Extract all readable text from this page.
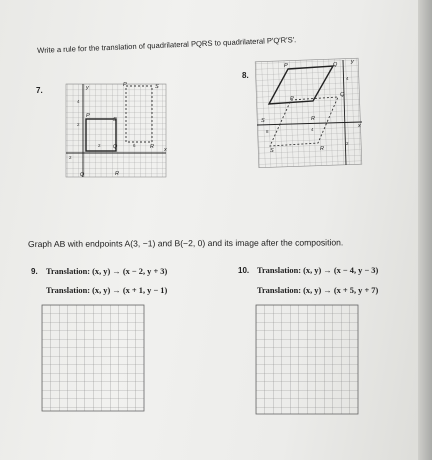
Write a rule for the translation of quadrilateral PQRS to quadrilateral P′Q′R′S′.
7.
8.
P	S
S
P
Q	R
Q	R
x
y
4
2
2	6
2
P	Q
P
Q
R
S
R
S
x
y
4
4
8
2
Graph AB with endpoints A(3, −1) and B(−2, 0) and its image after the composition.
9. Translation: (x, y) → (x − 2, y + 3)
Translation: (x, y) → (x + 1, y − 1)
10. Translation: (x, y) → (x − 4, y − 3)
Translation: (x, y) → (x + 5, y + 7)
